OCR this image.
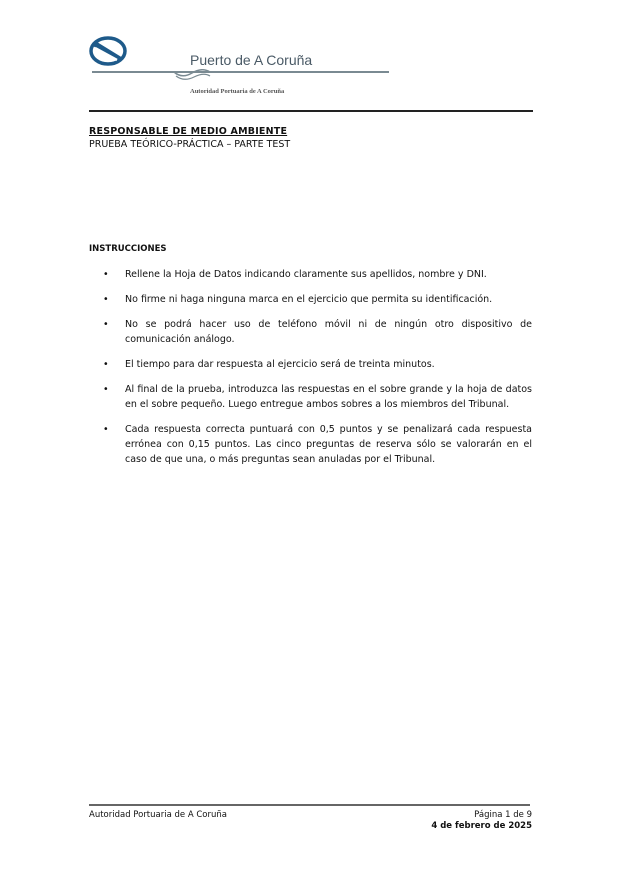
Puerto de A Coruña
Autoridad Portuaria de A Coruña
RESPONSABLE DE MEDIO AMBIENTE
PRUEBA TEÓRICO-PRÁCTICA – PARTE TEST
INSTRUCCIONES
• Rellene la Hoja de Datos indicando claramente sus apellidos, nombre y DNI.
• No firme ni haga ninguna marca en el ejercicio que permita su identificación.
• No se podrá hacer uso de teléfono móvil ni de ningún otro dispositivo de comunicación análogo.
• El tiempo para dar respuesta al ejercicio será de treinta minutos.
• Al final de la prueba, introduzca las respuestas en el sobre grande y la hoja de datos en el sobre pequeño. Luego entregue ambos sobres a los miembros del Tribunal.
• Cada respuesta correcta puntuará con 0,5 puntos y se penalizará cada respuesta errónea con 0,15 puntos. Las cinco preguntas de reserva sólo se valorarán en el caso de que una, o más preguntas sean anuladas por el Tribunal.
Autoridad Portuaria de A Coruña	Página 1 de 9
4 de febrero de 2025
